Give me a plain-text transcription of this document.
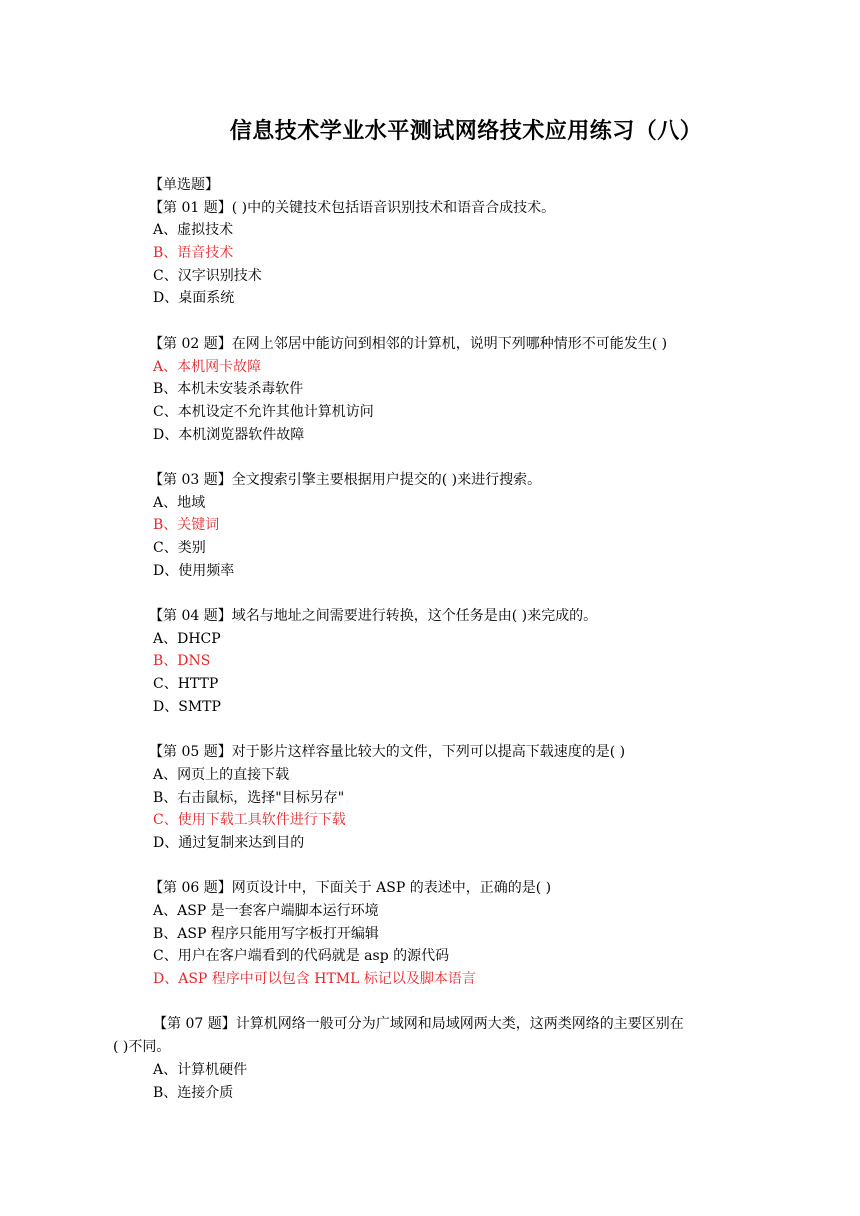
信息技术学业水平测试网络技术应用练习（八）
【单选题】
【第 01 题】( )中的关键技术包括语音识别技术和语音合成技术。
A、虚拟技术
B、语音技术
C、汉字识别技术
D、桌面系统
【第 02 题】在网上邻居中能访问到相邻的计算机，说明下列哪种情形不可能发生( )
A、本机网卡故障
B、本机未安装杀毒软件
C、本机设定不允许其他计算机访问
D、本机浏览器软件故障
【第 03 题】全文搜索引擎主要根据用户提交的( )来进行搜索。
A、地域
B、关键词
C、类别
D、使用频率
【第 04 题】域名与地址之间需要进行转换，这个任务是由( )来完成的。
A、DHCP
B、DNS
C、HTTP
D、SMTP
【第 05 题】对于影片这样容量比较大的文件，下列可以提高下载速度的是( )
A、网页上的直接下载
B、右击鼠标，选择"目标另存"
C、使用下载工具软件进行下载
D、通过复制来达到目的
【第 06 题】网页设计中，下面关于 ASP 的表述中，正确的是( )
A、ASP 是一套客户端脚本运行环境
B、ASP 程序只能用写字板打开编辑
C、用户在客户端看到的代码就是 asp 的源代码
D、ASP 程序中可以包含 HTML 标记以及脚本语言
【第 07 题】计算机网络一般可分为广域网和局域网两大类，这两类网络的主要区别在
( )不同。
A、计算机硬件
B、连接介质
